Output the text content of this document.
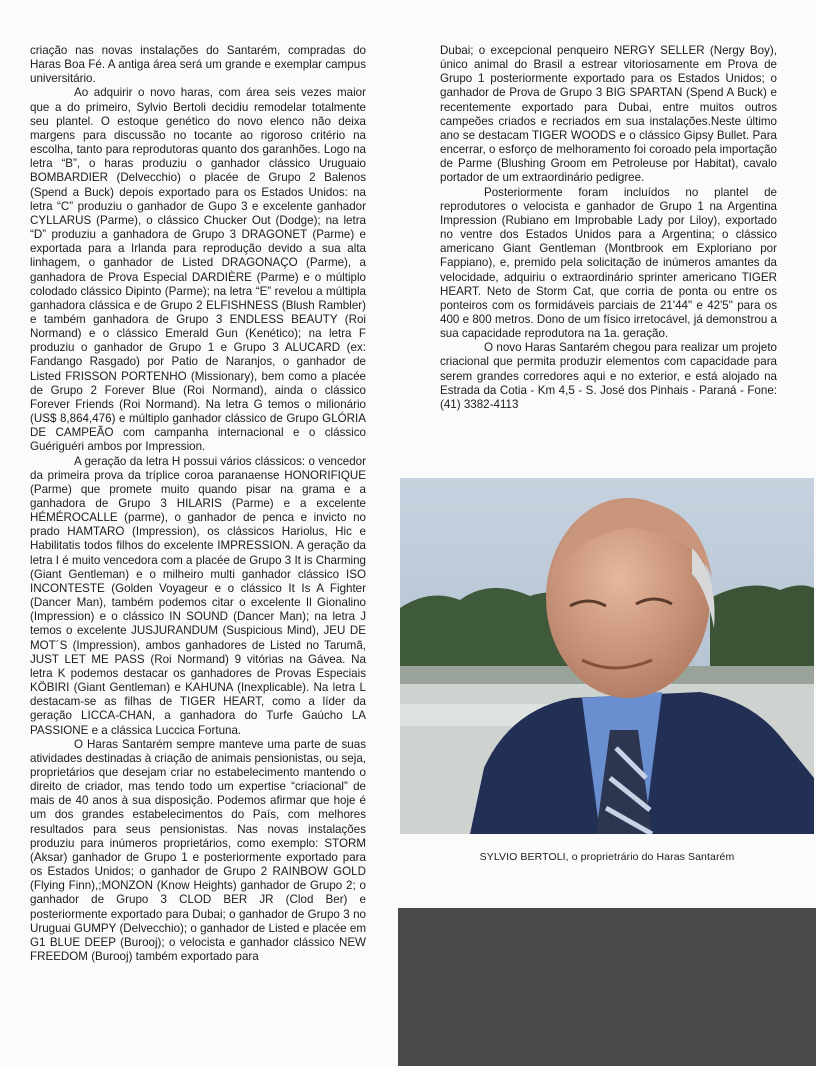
criação nas novas instalações do Santarém, compradas do Haras Boa Fé. A antiga área será um grande e exemplar campus universitário.

Ao adquirir o novo haras, com área seis vezes maior que a do primeiro, Sylvio Bertoli decidiu remodelar totalmente seu plantel. O estoque genético do novo elenco não deixa margens para discussão no tocante ao rigoroso critério na escolha, tanto para reprodutoras quanto dos garanhões. Logo na letra “B”, o haras produziu o ganhador clássico Uruguaio BOMBARDIER (Delvecchio) o placée de Grupo 2 Balenos (Spend a Buck) depois exportado para os Estados Unidos: na letra “C” produziu o ganhador de Gupo 3 e excelente ganhador CYLLARUS (Parme), o clássico Chucker Out (Dodge); na letra “D” produziu a ganhadora de Grupo 3 DRAGONET (Parme) e exportada para a Irlanda para reprodução devido a sua alta linhagem, o ganhador de Listed DRAGONAÇO (Parme), a ganhadora de Prova Especial DARDIÈRE (Parme) e o múltiplo colodado clássico Dipinto (Parme); na letra “E” revelou a múltipla ganhadora clássica e de Grupo 2 ELFISHNESS (Blush Rambler) e também ganhadora de Grupo 3 ENDLESS BEAUTY (Roi Normand) e o clássico Emerald Gun (Kenético); na letra F produziu o ganhador de Grupo 1 e Grupo 3 ALUCARD (ex: Fandango Rasgado) por Patio de Naranjos, o ganhador de Listed FRISSON PORTENHO (Missionary), bem como a placée de Grupo 2 Forever Blue (Roi Normand), ainda o clássico Forever Friends (Roi Normand). Na letra G temos o milionário (US$ 8,864,476) e múltiplo ganhador clássico de Grupo GLÓRIA DE CAMPEÃO com campanha internacional e o clássico Guériguéri ambos por Impression.

A geração da letra H possui vários clássicos: o vencedor da primeira prova da tríplice coroa paranaense HONORIFIQUE (Parme) que promete muito quando pisar na grama e a ganhadora de Grupo 3 HILARIS (Parme) e a excelente HÉMÉROCALLE (parme), o ganhador de penca e invicto no prado HAMTARO (Impression), os clássicos Hariolus, Hic e Habilitatis todos filhos do excelente IMPRESSION. A geração da letra I é muito vencedora com a placée de Grupo 3 It is Charming (Giant Gentleman) e o milheiro multi ganhador clássico ISO INCONTESTE (Golden Voyageur e o clássico It Is A Fighter (Dancer Man), também podemos citar o excelente Il Gionalino (Impression) e o clássico IN SOUND (Dancer Man); na letra J temos o excelente JUSJURANDUM (Suspicious Mind), JEU DE MOT´S (Impression), ambos ganhadores de Listed no Tarumã, JUST LET ME PASS (Roi Normand) 9 vitórias na Gávea. Na letra K podemos destacar os ganhadores de Provas Especiais KÖBIRI (Giant Gentleman) e KAHUNA (Inexplicable). Na letra L destacam-se as filhas de TIGER HEART, como a líder da geração LICCA-CHAN, a ganhadora do Turfe Gaúcho LA PASSIONE e a clássica Luccica Fortuna.

O Haras Santarém sempre manteve uma parte de suas atividades destinadas à criação de animais pensionistas, ou seja, proprietários que desejam criar no estabelecimento mantendo o direito de criador, mas tendo todo um expertise “criacional” de mais de 40 anos à sua disposição. Podemos afirmar que hoje é um dos grandes estabelecimentos do País, com melhores resultados para seus pensionistas. Nas novas instalações produziu para inúmeros proprietários, como exemplo: STORM (Aksar) ganhador de Grupo 1 e posteriormente exportado para os Estados Unidos; o ganhador de Grupo 2 RAINBOW GOLD (Flying Finn),;MONZON (Know Heights) ganhador de Grupo 2; o ganhador de Grupo 3 CLOD BER JR (Clod Ber) e posteriormente exportado para Dubai; o ganhador de Grupo 3 no Uruguai GUMPY (Delvecchio); o ganhador de Listed e placée em G1 BLUE DEEP (Burooj); o velocista e ganhador clássico NEW FREEDOM (Burooj) também exportado para

Dubai; o excepcional penqueiro NERGY SELLER (Nergy Boy), único animal do Brasil a estrear vitoriosamente em Prova de Grupo 1 posteriormente exportado para os Estados Unidos; o ganhador de Prova de Grupo 3 BIG SPARTAN (Spend A Buck) e recentemente exportado para Dubai, entre muitos outros campeões criados e recriados em sua instalações.Neste último ano se destacam TIGER WOODS e o clássico Gipsy Bullet. Para encerrar, o esforço de melhoramento foi coroado pela importação de Parme (Blushing Groom em Petroleuse por Habitat), cavalo portador de um extraordinário pedigree.

Posteriormente foram incluídos no plantel de reprodutores o velocista e ganhador de Grupo 1 na Argentina Impression (Rubiano em Improbable Lady por Liloy), exportado no ventre dos Estados Unidos para a Argentina; o clássico americano Giant Gentleman (Montbrook em Exploriano por Fappiano), e, premido pela solicitação de inúmeros amantes da velocidade, adquiriu o extraordinário sprinter americano TIGER HEART. Neto de Storm Cat, que corria de ponta ou entre os ponteiros com os formidáveis parciais de 21'44" e 42'5" para os 400 e 800 metros. Dono de um físico irretocável, já demonstrou a sua capacidade reprodutora na 1a. geração.

O novo Haras Santarém chegou para realizar um projeto criacional que permita produzir elementos com capacidade para serem grandes corredores aqui e no exterior, e está alojado na Estrada da Cotia - Km 4,5 - S. José dos Pinhais - Paraná - Fone:(41) 3382-4113

SYLVIO BERTOLI, o proprietrário do Haras Santarém
